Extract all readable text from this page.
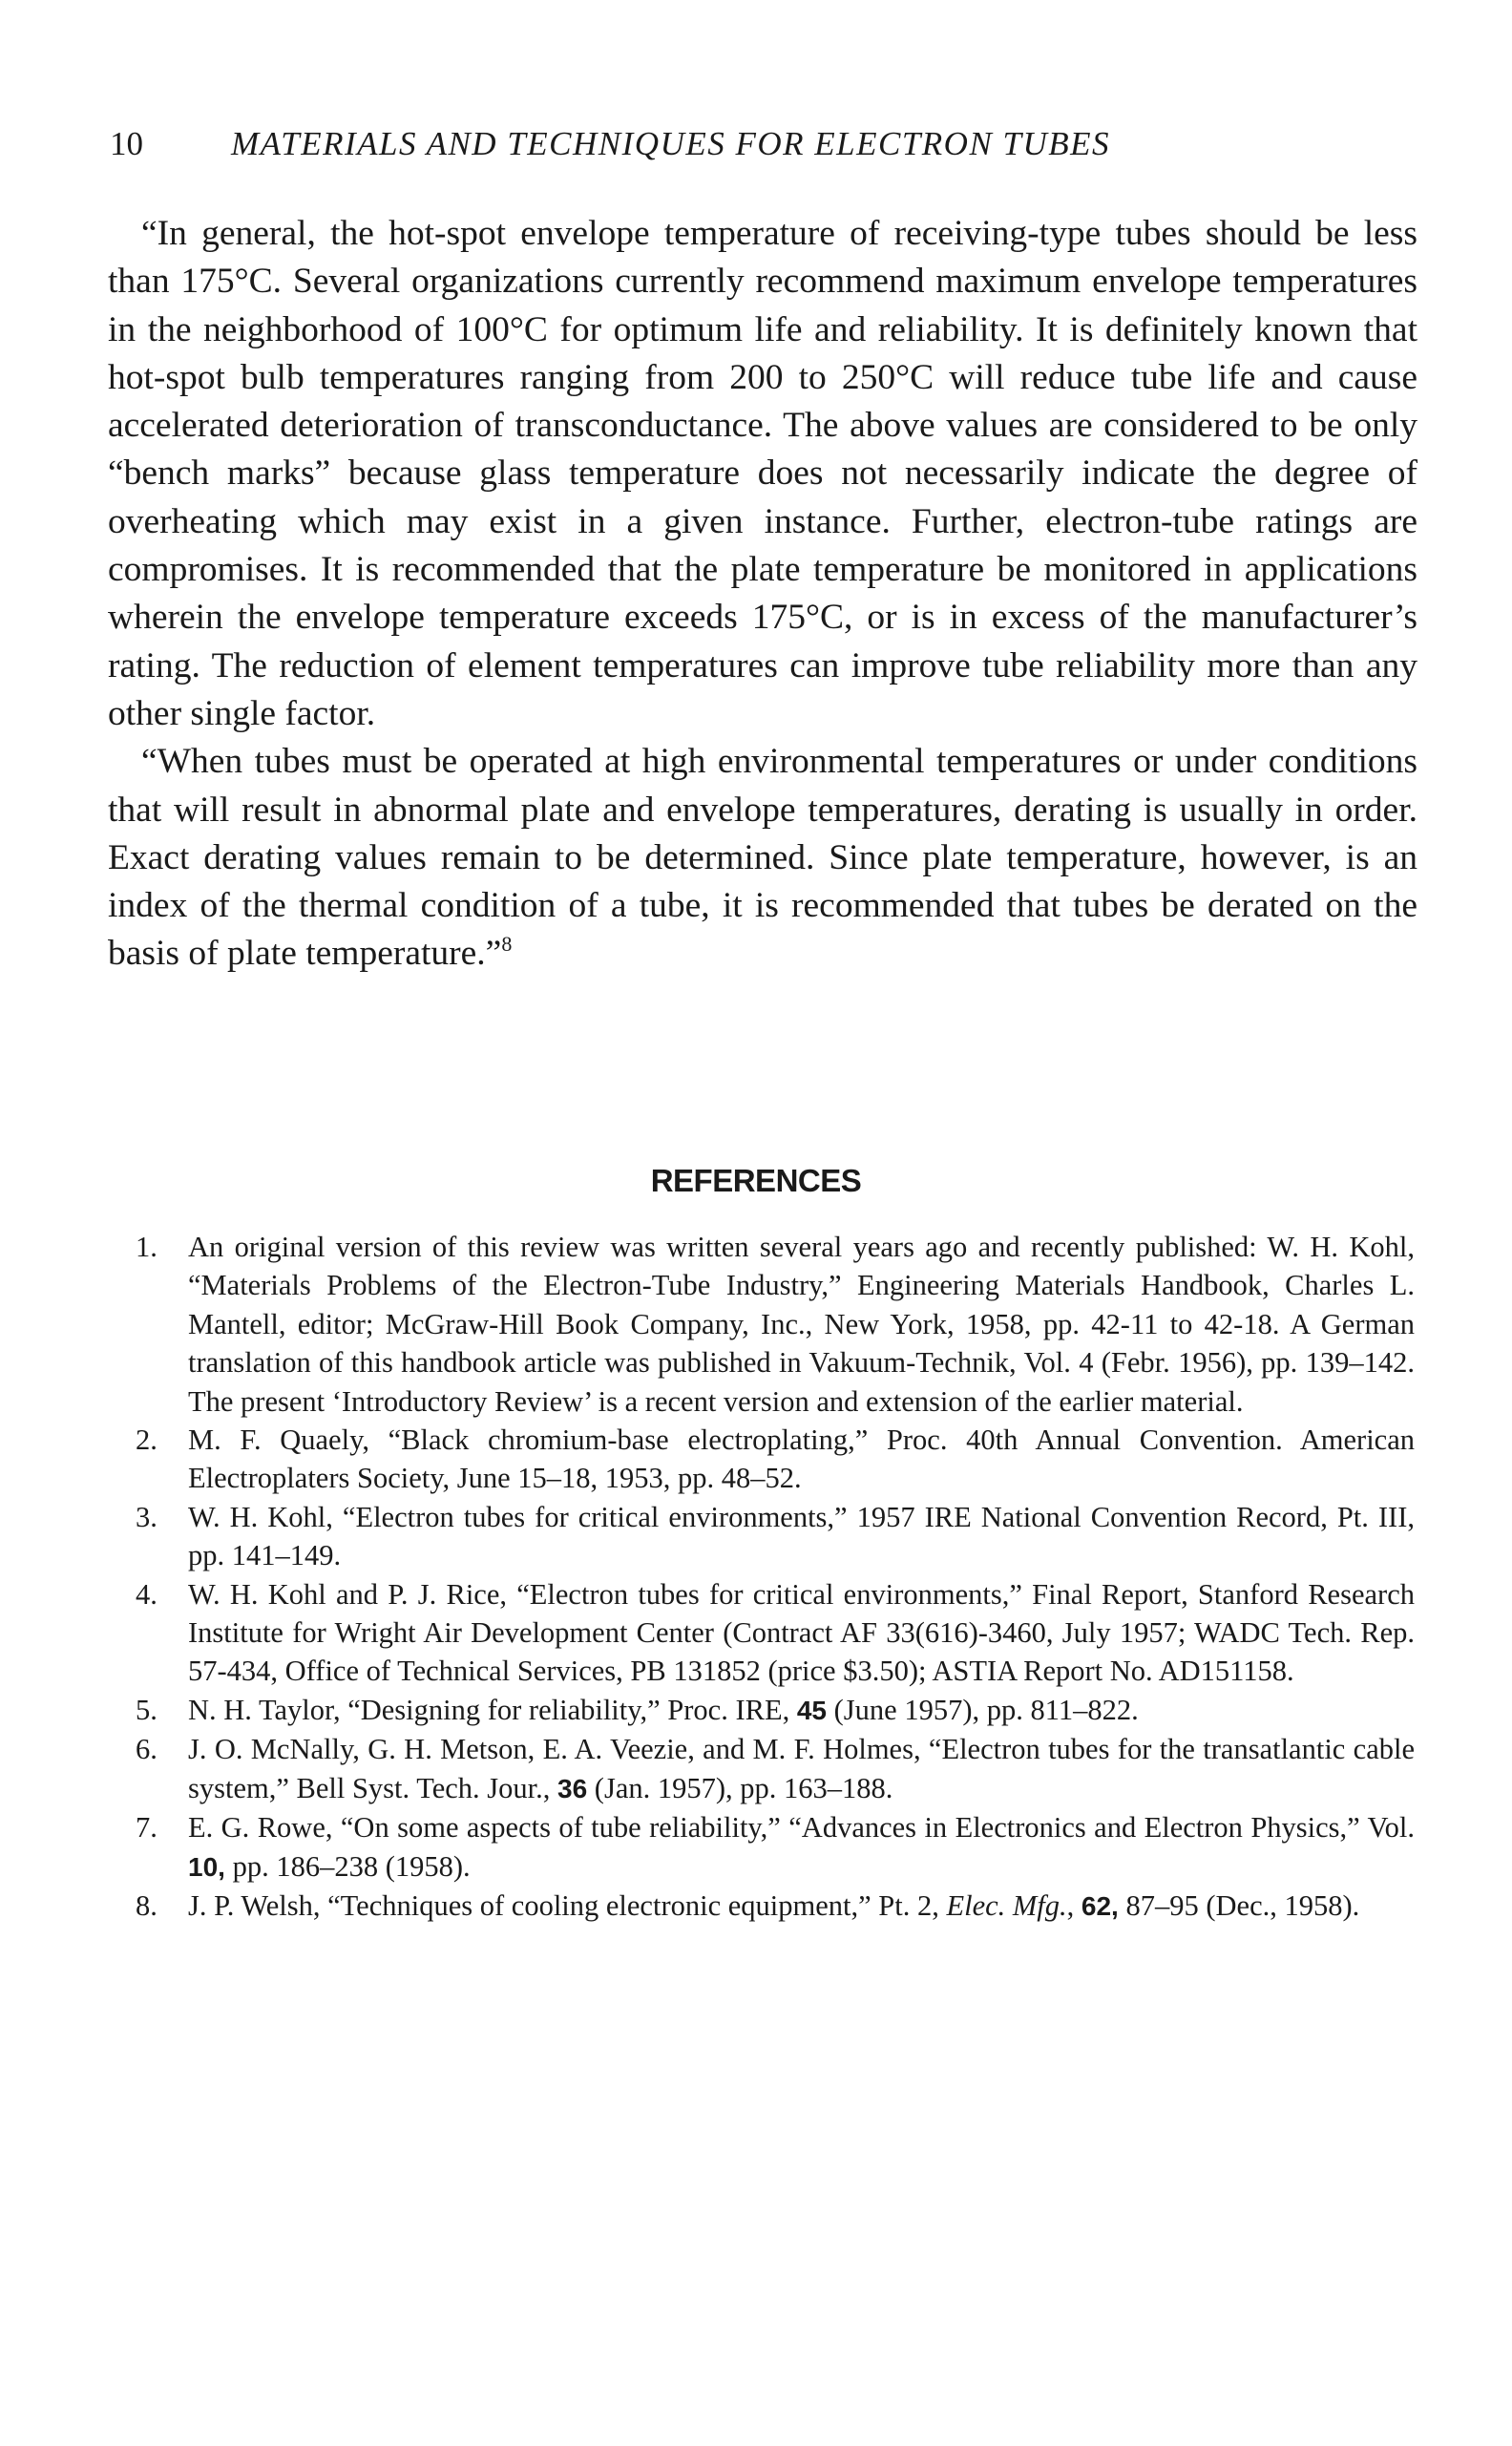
10	MATERIALS AND TECHNIQUES FOR ELECTRON TUBES

“In general, the hot-spot envelope temperature of receiving-type tubes should be less than 175°C. Several organizations currently recommend maximum envelope temperatures in the neighborhood of 100°C for optimum life and reliability. It is definitely known that hot-spot bulb temperatures ranging from 200 to 250°C will reduce tube life and cause accelerated deterioration of transconductance. The above values are considered to be only “bench marks” because glass temperature does not necessarily indicate the degree of overheating which may exist in a given instance. Further, electron-tube ratings are compromises. It is recommended that the plate temperature be monitored in applications wherein the envelope temperature exceeds 175°C, or is in excess of the manufacturer’s rating. The reduction of element temperatures can improve tube reliability more than any other single factor.

“When tubes must be operated at high environmental temperatures or under conditions that will result in abnormal plate and envelope temperatures, derating is usually in order. Exact derating values remain to be determined. Since plate temperature, however, is an index of the thermal condition of a tube, it is recommended that tubes be derated on the basis of plate temperature.”$^8$

REFERENCES
1. An original version of this review was written several years ago and recently published: W. H. Kohl, “Materials Problems of the Electron-Tube Industry,” Engineering Materials Handbook, Charles L. Mantell, editor; McGraw-Hill Book Company, Inc., New York, 1958, pp. 42-11 to 42-18. A German translation of this handbook article was published in Vakuum-Technik, Vol. 4 (Febr. 1956), pp. 139–142. The present ‘Introductory Review’ is a recent version and extension of the earlier material.
2. M. F. Quaely, “Black chromium-base electroplating,” Proc. 40th Annual Convention. American Electroplaters Society, June 15–18, 1953, pp. 48–52.
3. W. H. Kohl, “Electron tubes for critical environments,” 1957 IRE National Convention Record, Pt. III, pp. 141–149.
4. W. H. Kohl and P. J. Rice, “Electron tubes for critical environments,” Final Report, Stanford Research Institute for Wright Air Development Center (Contract AF 33(616)-3460, July 1957; WADC Tech. Rep. 57-434, Office of Technical Services, PB 131852 (price $3.50); ASTIA Report No. AD151158.
5. N. H. Taylor, “Designing for reliability,” Proc. IRE, 45 (June 1957), pp. 811–822.
6. J. O. McNally, G. H. Metson, E. A. Veezie, and M. F. Holmes, “Electron tubes for the transatlantic cable system,” Bell Syst. Tech. Jour., 36 (Jan. 1957), pp. 163–188.
7. E. G. Rowe, “On some aspects of tube reliability,” “Advances in Electronics and Electron Physics,” Vol. 10, pp. 186–238 (1958).
8. J. P. Welsh, “Techniques of cooling electronic equipment,” Pt. 2, Elec. Mfg., 62, 87–95 (Dec., 1958).
